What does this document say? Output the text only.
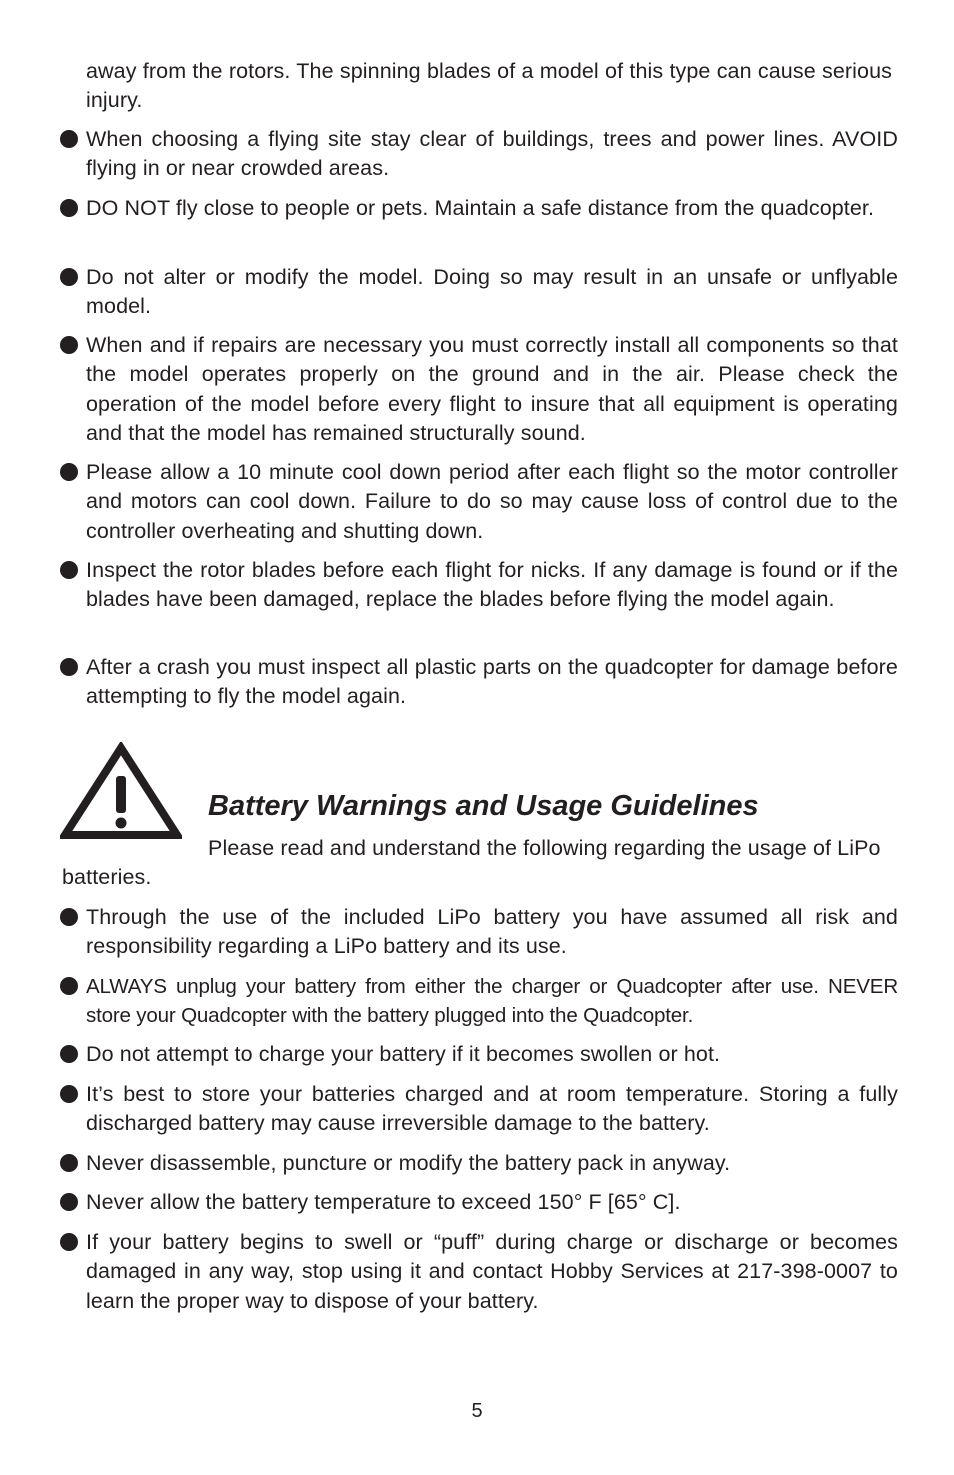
away from the rotors. The spinning blades of a model of this type can cause serious injury.

When choosing a flying site stay clear of buildings, trees and power lines. AVOID flying in or near crowded areas.
DO NOT fly close to people or pets. Maintain a safe distance from the quadcopter.
Do not alter or modify the model. Doing so may result in an unsafe or unflyable model.
When and if repairs are necessary you must correctly install all components so that the model operates properly on the ground and in the air. Please check the operation of the model before every flight to insure that all equipment is operating and that the model has remained structurally sound.
Please allow a 10 minute cool down period after each flight so the motor controller and motors can cool down. Failure to do so may cause loss of control due to the controller overheating and shutting down.
Inspect the rotor blades before each flight for nicks. If any damage is found or if the blades have been damaged, replace the blades before flying the model again.
After a crash you must inspect all plastic parts on the quadcopter for damage before attempting to fly the model again.
Battery Warnings and Usage Guidelines

Please read and understand the following regarding the usage of LiPo batteries.

Through the use of the included LiPo battery you have assumed all risk and responsibility regarding a LiPo battery and its use.
ALWAYS unplug your battery from either the charger or Quadcopter after use. NEVER store your Quadcopter with the battery plugged into the Quadcopter.
Do not attempt to charge your battery if it becomes swollen or hot.
It’s best to store your batteries charged and at room temperature. Storing a fully discharged battery may cause irreversible damage to the battery.
Never disassemble, puncture or modify the battery pack in anyway.
Never allow the battery temperature to exceed 150° F [65° C].
If your battery begins to swell or “puff” during charge or discharge or becomes damaged in any way, stop using it and contact Hobby Services at 217-398-0007 to learn the proper way to dispose of your battery.
5
